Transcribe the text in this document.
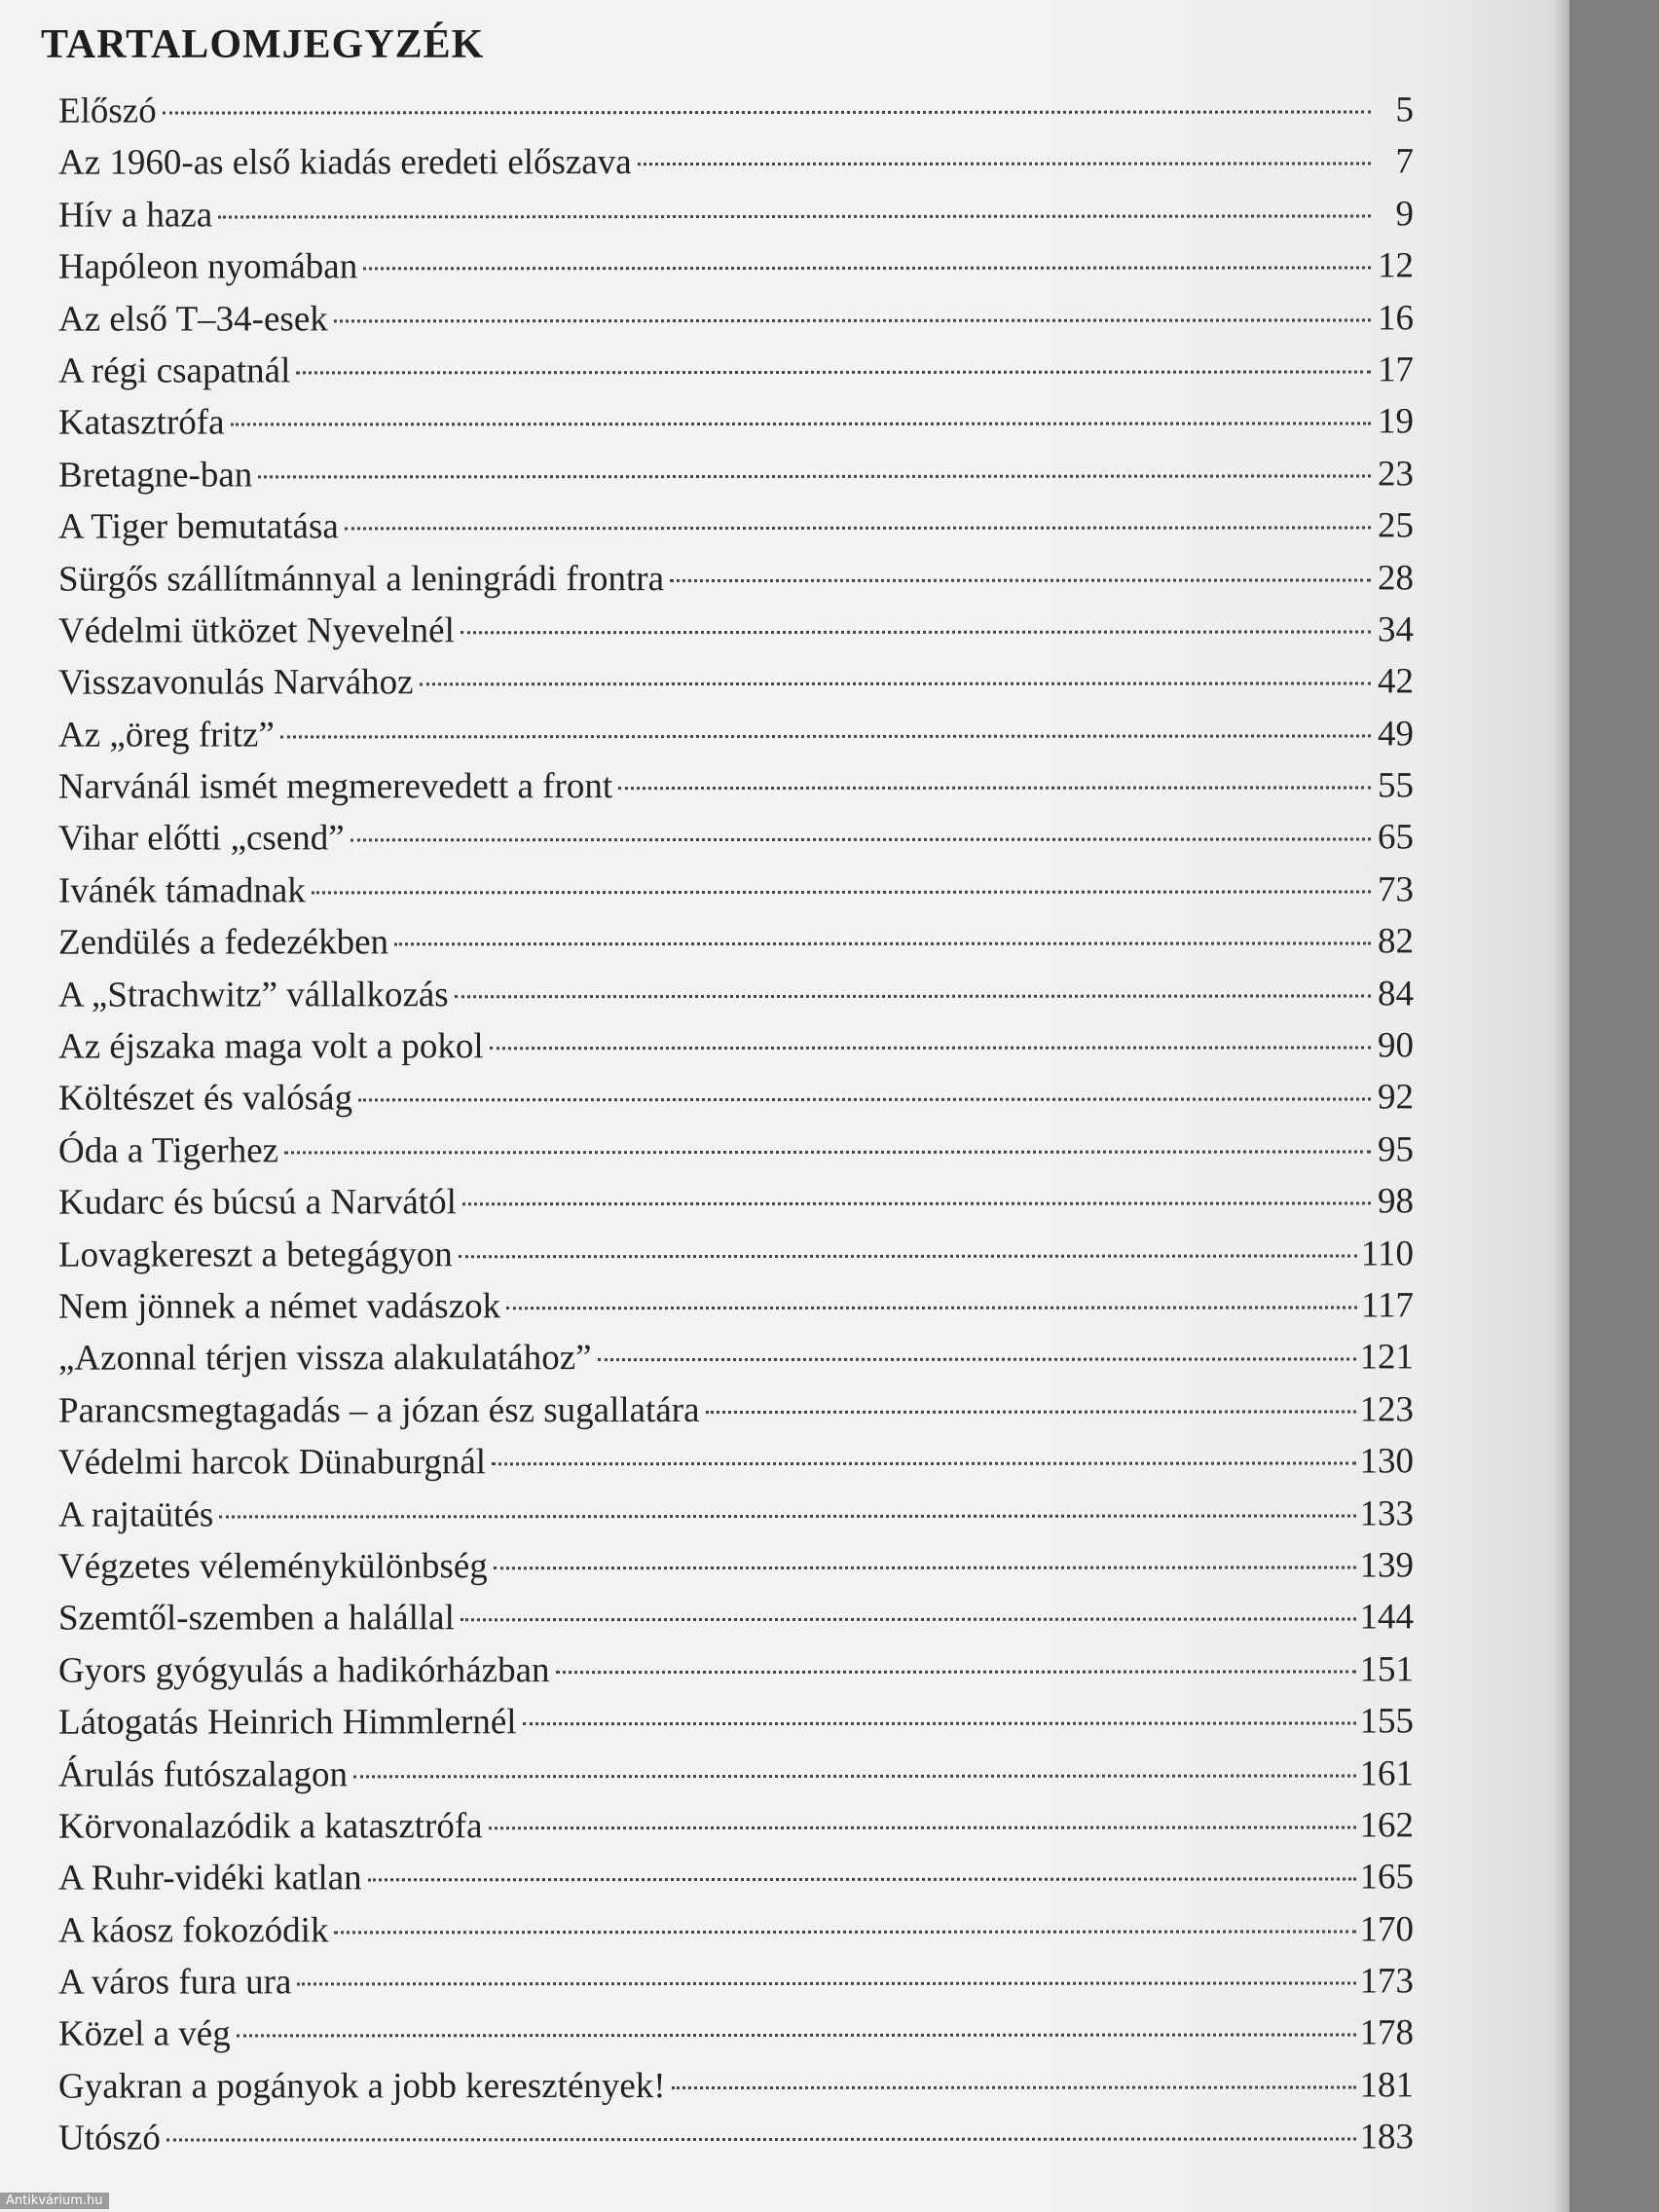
TARTALOMJEGYZÉK
Előszó	5
Az 1960-as első kiadás eredeti előszava	7
Hív a haza	9
Hapóleon nyomában	12
Az első T–34-esek	16
A régi csapatnál	17
Katasztrófa	19
Bretagne-ban	23
A Tiger bemutatása	25
Sürgős szállítmánnyal a leningrádi frontra	28
Védelmi ütközet Nyevelnél	34
Visszavonulás Narvához	42
Az „öreg fritz”	49
Narvánál ismét megmerevedett a front	55
Vihar előtti „csend”	65
Ivánék támadnak	73
Zendülés a fedezékben	82
A „Strachwitz” vállalkozás	84
Az éjszaka maga volt a pokol	90
Költészet és valóság	92
Óda a Tigerhez	95
Kudarc és búcsú a Narvától	98
Lovagkereszt a betegágyon	110
Nem jönnek a német vadászok	117
„Azonnal térjen vissza alakulatához”	121
Parancsmegtagadás – a józan ész sugallatára	123
Védelmi harcok Dünaburgnál	130
A rajtaütés	133
Végzetes véleménykülönbség	139
Szemtől-szemben a halállal	144
Gyors gyógyulás a hadikórházban	151
Látogatás Heinrich Himmlernél	155
Árulás futószalagon	161
Körvonalazódik a katasztrófa	162
A Ruhr-vidéki katlan	165
A káosz fokozódik	170
A város fura ura	173
Közel a vég	178
Gyakran a pogányok a jobb keresztények!	181
Utószó	183
Antikvárium.hu
